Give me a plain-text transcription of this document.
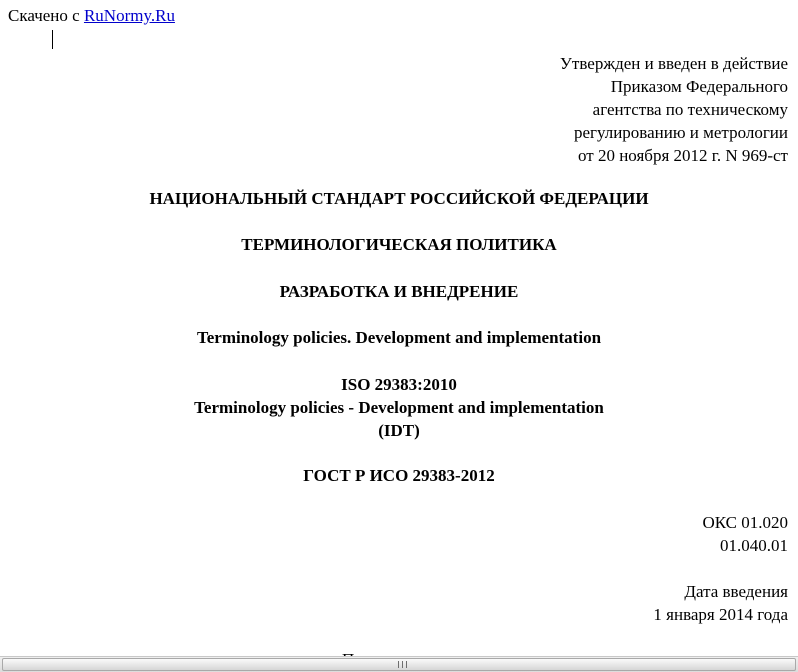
Скачено с RuNormy.Ru
Утвержден и введен в действие
Приказом Федерального
агентства по техническому
регулированию и метрологии
от 20 ноября 2012 г. N 969-ст
НАЦИОНАЛЬНЫЙ СТАНДАРТ РОССИЙСКОЙ ФЕДЕРАЦИИ
ТЕРМИНОЛОГИЧЕСКАЯ ПОЛИТИКА
РАЗРАБОТКА И ВНЕДРЕНИЕ
Terminology policies. Development and implementation
ISO 29383:2010
Terminology policies - Development and implementation
(IDT)
ГОСТ Р ИСО 29383-2012
ОКС 01.020
01.040.01
Дата введения
1 января 2014 года
